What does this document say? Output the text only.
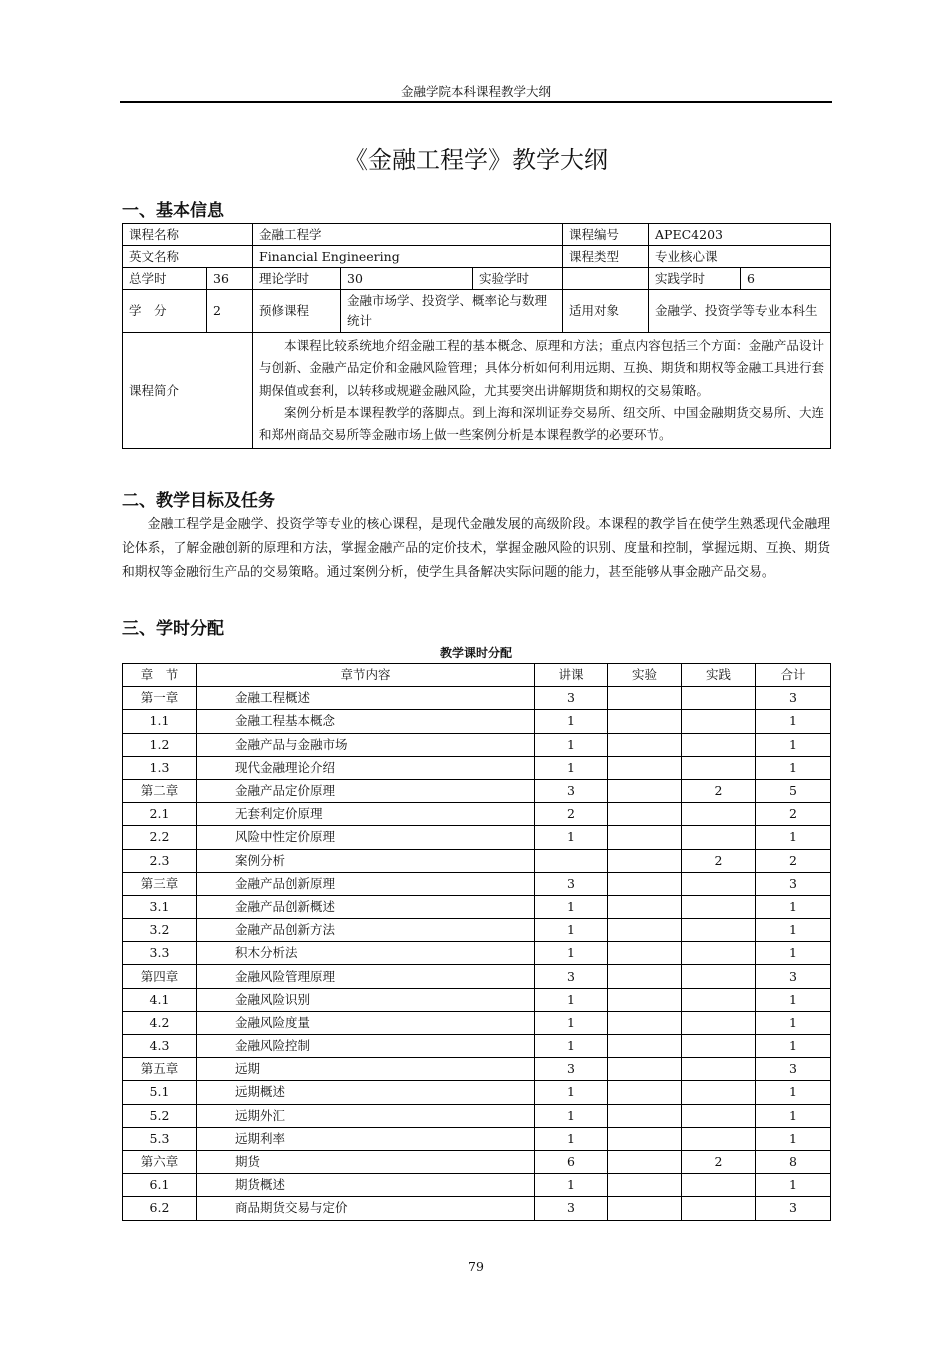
金融学院本科课程教学大纲
《金融工程学》教学大纲
一、基本信息
课程名称		金融工程学			课程编号	APEC4203	
英文名称		Financial Engineering			课程类型	专业核心课	
总学时	36	理论学时	30	实验学时		实践学时	6
学　分	2	预修课程	金融市场学、投资学、概率论与数理统计		适用对象	金融学、投资学等专业本科生	
课程简介		本课程比较系统地介绍金融工程的基本概念、原理和方法；重点内容包括三个方面：金融产品设计与创新、金融产品定价和金融风险管理；具体分析如何利用远期、互换、期货和期权等金融工具进行套期保值或套利，以转移或规避金融风险，尤其要突出讲解期货和期权的交易策略。

案例分析是本课程教学的落脚点。到上海和深圳证券交易所、纽交所、中国金融期货交易所、大连和郑州商品交易所等金融市场上做一些案例分析是本课程教学的必要环节。					

二、教学目标及任务

金融工程学是金融学、投资学等专业的核心课程，是现代金融发展的高级阶段。本课程的教学旨在使学生熟悉现代金融理论体系，了解金融创新的原理和方法，掌握金融产品的定价技术，掌握金融风险的识别、度量和控制，掌握远期、互换、期货和期权等金融衍生产品的交易策略。通过案例分析，使学生具备解决实际问题的能力，甚至能够从事金融产品交易。

三、学时分配
教学课时分配
章　节	章节内容	讲课	实验	实践	合计
第一章	金融工程概述	3			3
1.1	金融工程基本概念	1			1
1.2	金融产品与金融市场	1			1
1.3	现代金融理论介绍	1			1
第二章	金融产品定价原理	3		2	5
2.1	无套利定价原理	2			2
2.2	风险中性定价原理	1			1
2.3	案例分析			2	2
第三章	金融产品创新原理	3			3
3.1	金融产品创新概述	1			1
3.2	金融产品创新方法	1			1
3.3	积木分析法	1			1
第四章	金融风险管理原理	3			3
4.1	金融风险识别	1			1
4.2	金融风险度量	1			1
4.3	金融风险控制	1			1
第五章	远期	3			3
5.1	远期概述	1			1
5.2	远期外汇	1			1
5.3	远期利率	1			1
第六章	期货	6		2	8
6.1	期货概述	1			1
6.2	商品期货交易与定价	3			3
79
